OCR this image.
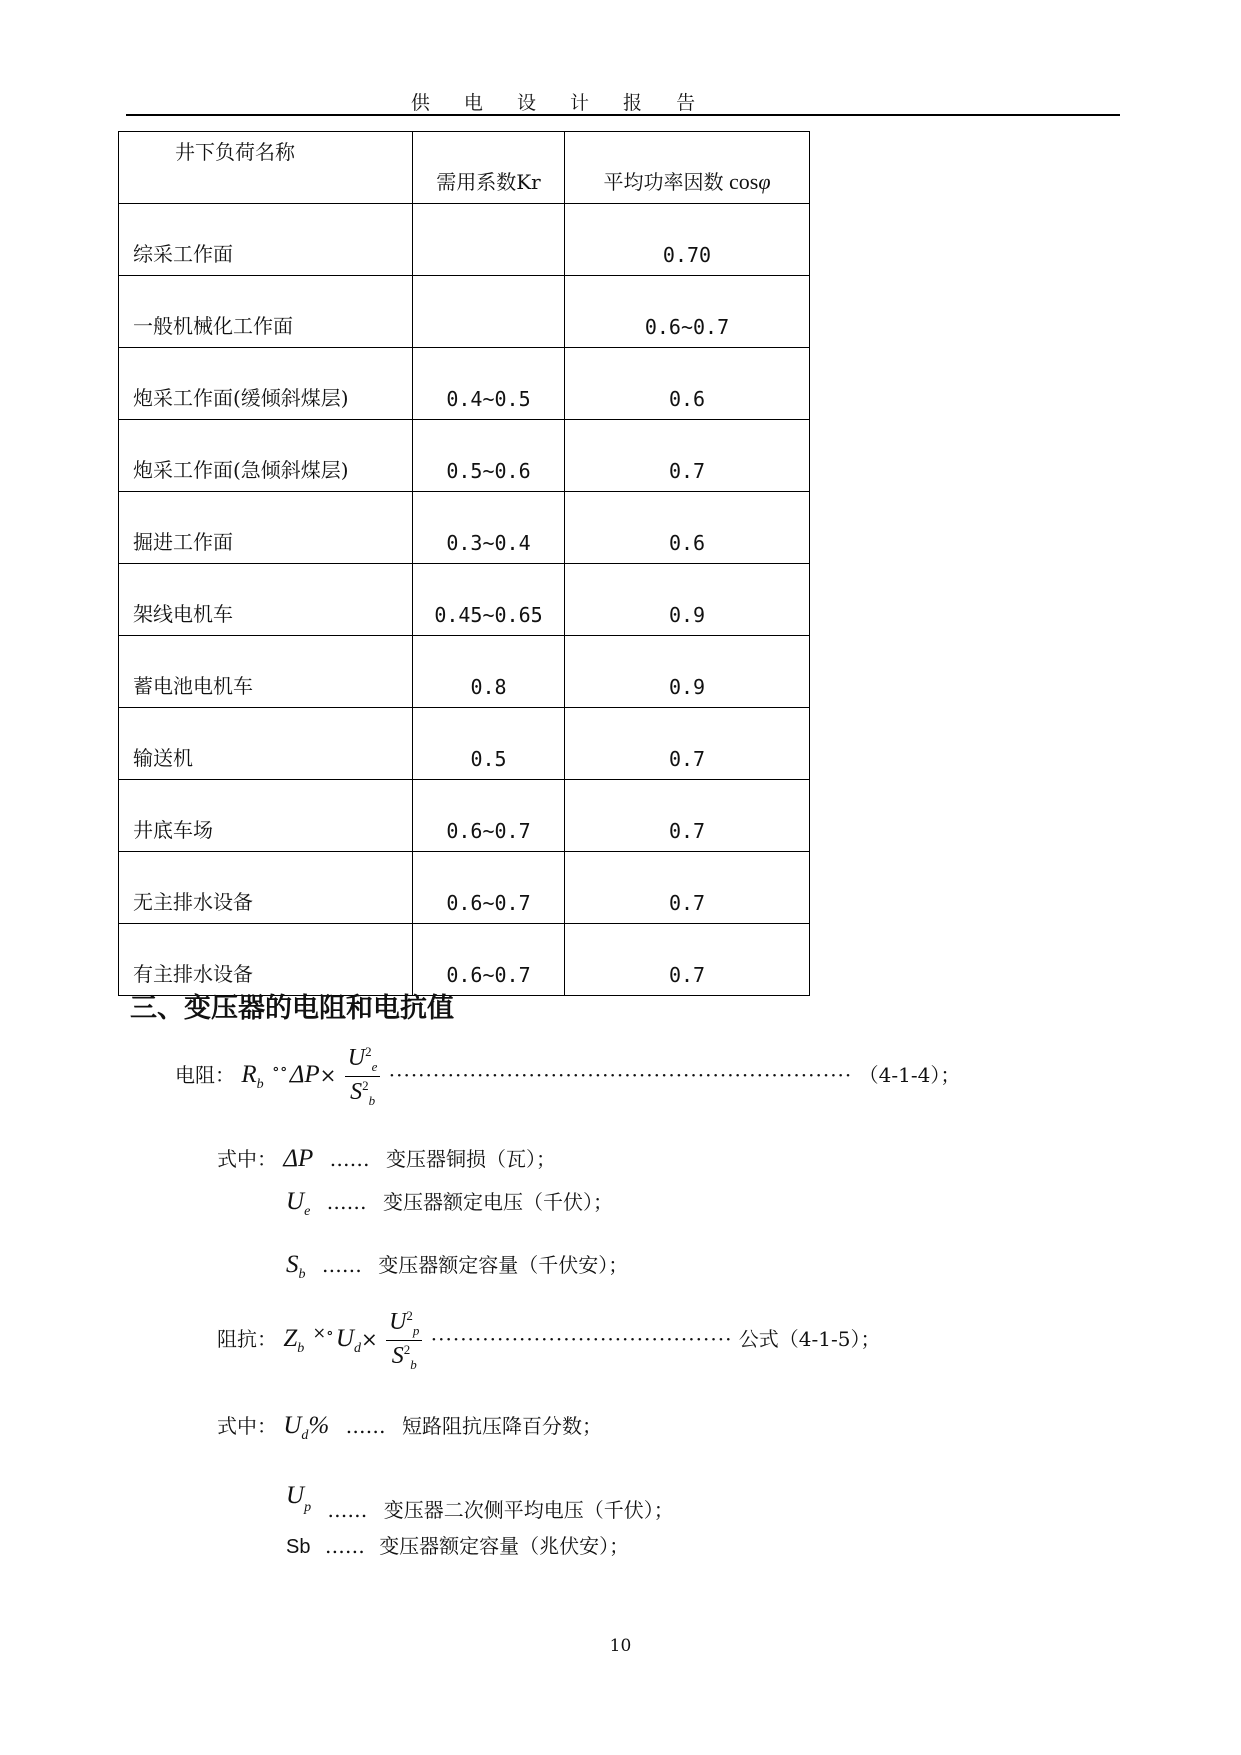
供 电 设 计 报 告
井下负荷名称	需用系数Kr	平均功率因数 cosφ
综采工作面		0.70
一般机械化工作面		0.6~0.7
炮采工作面(缓倾斜煤层)	0.4~0.5	0.6
炮采工作面(急倾斜煤层)	0.5~0.6	0.7
掘进工作面	0.3~0.4	0.6
架线电机车	0.45~0.65	0.9
蓄电池电机车	0.8	0.9
输送机	0.5	0.7
井底车场	0.6~0.7	0.7
无主排水设备	0.6~0.7	0.7
有主排水设备	0.6~0.7	0.7
三、变压器的电阻和电抗值
电阻： $R_b$ $^{\circ\circ}\Delta P\times \frac{U^2_e}{S^2_b}$ ······························································· （4-1-4）；
式中： ΔP …… 变压器铜损（瓦）；
$U_e$ …… 变压器额定电压（千伏）；
$S_b$ …… 变压器额定容量（千伏安）；
阻抗： $Z_b$ $^{\times\circ}U_d\times \frac{U^2_p}{S^2_b}$ ········································· 公式（4-1-5）；
式中： $U_d\%$ …… 短路阻抗压降百分数；
$U^p$ …… 变压器二次侧平均电压（千伏）；
Sb …… 变压器额定容量（兆伏安）；
10
